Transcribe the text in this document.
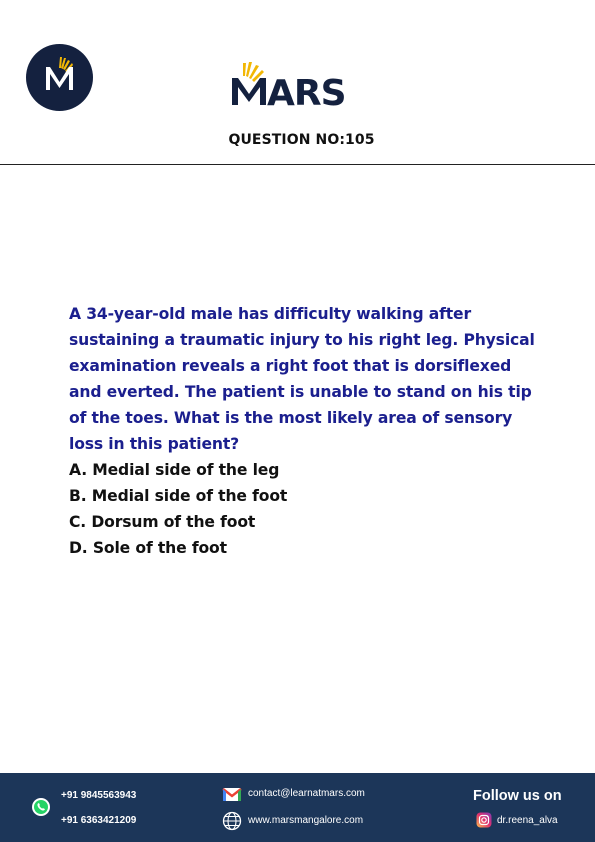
ARS
QUESTION NO:105

A 34-year-old male has difficulty walking after sustaining a traumatic injury to his right leg. Physical examination reveals a right foot that is dorsiflexed and everted. The patient is unable to stand on his tip of the toes. What is the most likely area of sensory loss in this patient?

A. Medial side of the leg
B. Medial side of the foot
C. Dorsum of the foot
D. Sole of the foot
+91 9845563943
+91 6363421209
contact@learnatmars.com
www.marsmangalore.com
Follow us on
dr.reena_alva
